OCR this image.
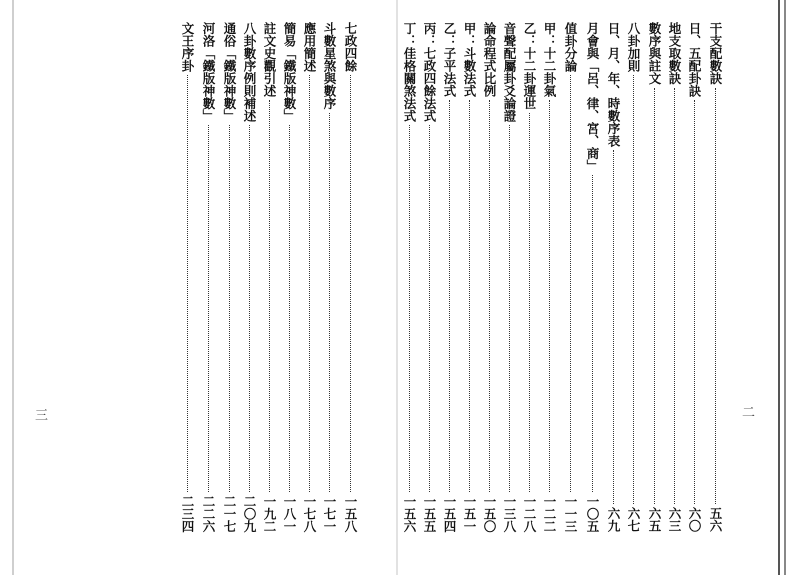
三	二
干支配數訣
五六
日、五配卦訣
六〇
地支取數訣
六三
數序與註文
六五
八卦加則
六七
日、月、年、時數序表
六九
月會與「呂、律、宮、商」
一〇五
值卦分論
一一三
甲：十二卦氣
一二二
乙：十二卦運世
一二八
音聲配屬卦爻論證
一三八
論命程式比例
一五〇
甲：斗數法式
一五一
乙：子平法式
一五四
丙：七政四餘法式
一五五
丁：佳格關煞法式
一五六
七政四餘
一五八
斗數星煞與數序
一七一
應用簡述
一七八
簡易「鐵版神數」
一八一
註文史觀引述
一九二
八卦數序例則補述
二〇九
通俗「鐵版神數」
二一七
河洛「鐵版神數」
二二六
文王序卦
二三四
